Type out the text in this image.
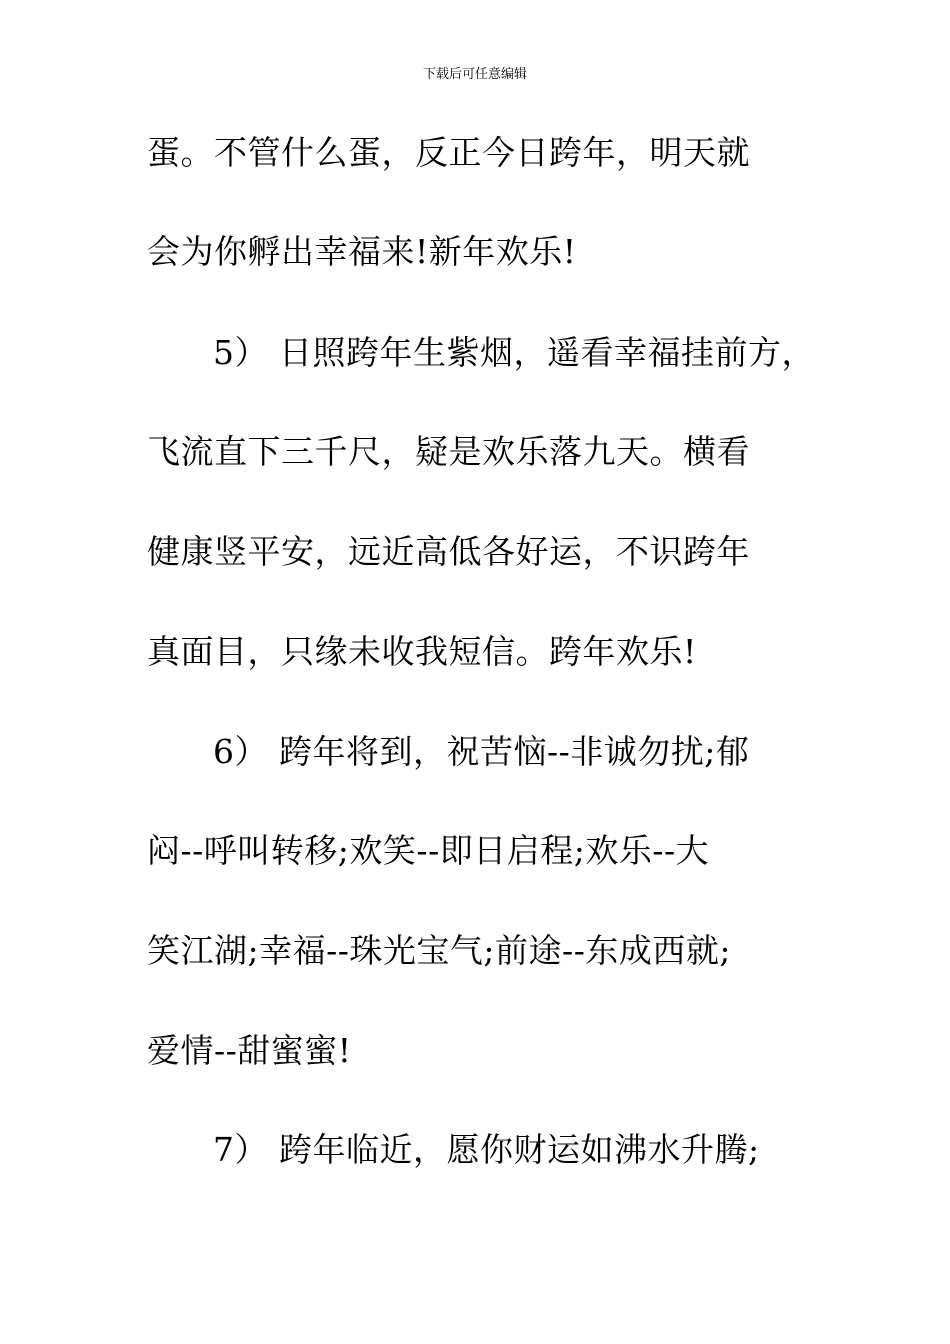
下载后可任意编辑
蛋。不管什么蛋，反正今日跨年，明天就
会为你孵出幸福来!新年欢乐!
5） 日照跨年生紫烟，遥看幸福挂前方，
飞流直下三千尺，疑是欢乐落九天。横看
健康竖平安，远近高低各好运，不识跨年
真面目，只缘未收我短信。跨年欢乐!
6） 跨年将到，祝苦恼--非诚勿扰;郁
闷--呼叫转移;欢笑--即日启程;欢乐--大
笑江湖;幸福--珠光宝气;前途--东成西就;
爱情--甜蜜蜜!
7） 跨年临近，愿你财运如沸水升腾;
